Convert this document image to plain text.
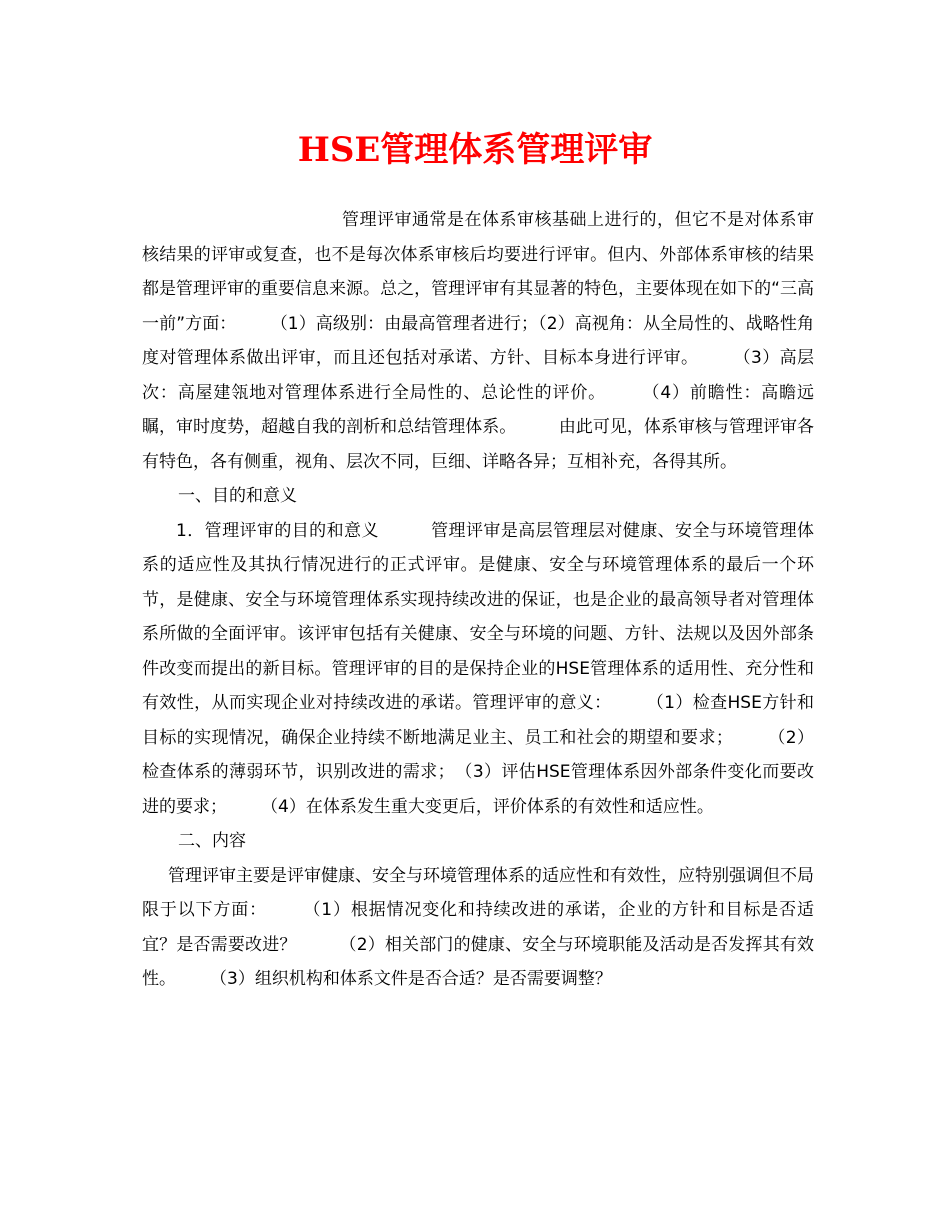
HSE管理体系管理评审

管理评审通常是在体系审核基础上进行的，但它不是对体系审核结果的评审或复查，也不是每次体系审核后均要进行评审。但内、外部体系审核的结果都是管理评审的重要信息来源。总之，管理评审有其显著的特色，主要体现在如下的“三高一前”方面：　　　（1）高级别：由最高管理者进行；（2）高视角：从全局性的、战略性角度对管理体系做出评审，而且还包括对承诺、方针、目标本身进行评审。　　　（3）高层次：高屋建瓴地对管理体系进行全局性的、总论性的评价。　　　（4）前瞻性：高瞻远瞩，审时度势，超越自我的剖析和总结管理体系。　　　由此可见，体系审核与管理评审各有特色，各有侧重，视角、层次不同，巨细、详略各异；互相补充，各得其所。

一、目的和意义

1．管理评审的目的和意义　　　管理评审是高层管理层对健康、安全与环境管理体系的适应性及其执行情况进行的正式评审。是健康、安全与环境管理体系的最后一个环节，是健康、安全与环境管理体系实现持续改进的保证，也是企业的最高领导者对管理体系所做的全面评审。该评审包括有关健康、安全与环境的问题、方针、法规以及因外部条件改变而提出的新目标。管理评审的目的是保持企业的HSE管理体系的适用性、充分性和有效性，从而实现企业对持续改进的承诺。管理评审的意义：　　　（1）检查HSE方针和目标的实现情况，确保企业持续不断地满足业主、员工和社会的期望和要求；　　　（2）检查体系的薄弱环节，识别改进的需求；　（3）评估HSE管理体系因外部条件变化而要改进的要求；　　　（4）在体系发生重大变更后，评价体系的有效性和适应性。

二、内容

管理评审主要是评审健康、安全与环境管理体系的适应性和有效性，应特别强调但不局限于以下方面：　　　（1）根据情况变化和持续改进的承诺，企业的方针和目标是否适宜？是否需要改进？　　　（2）相关部门的健康、安全与环境职能及活动是否发挥其有效性。　　　（3）组织机构和体系文件是否合适？是否需要调整？
